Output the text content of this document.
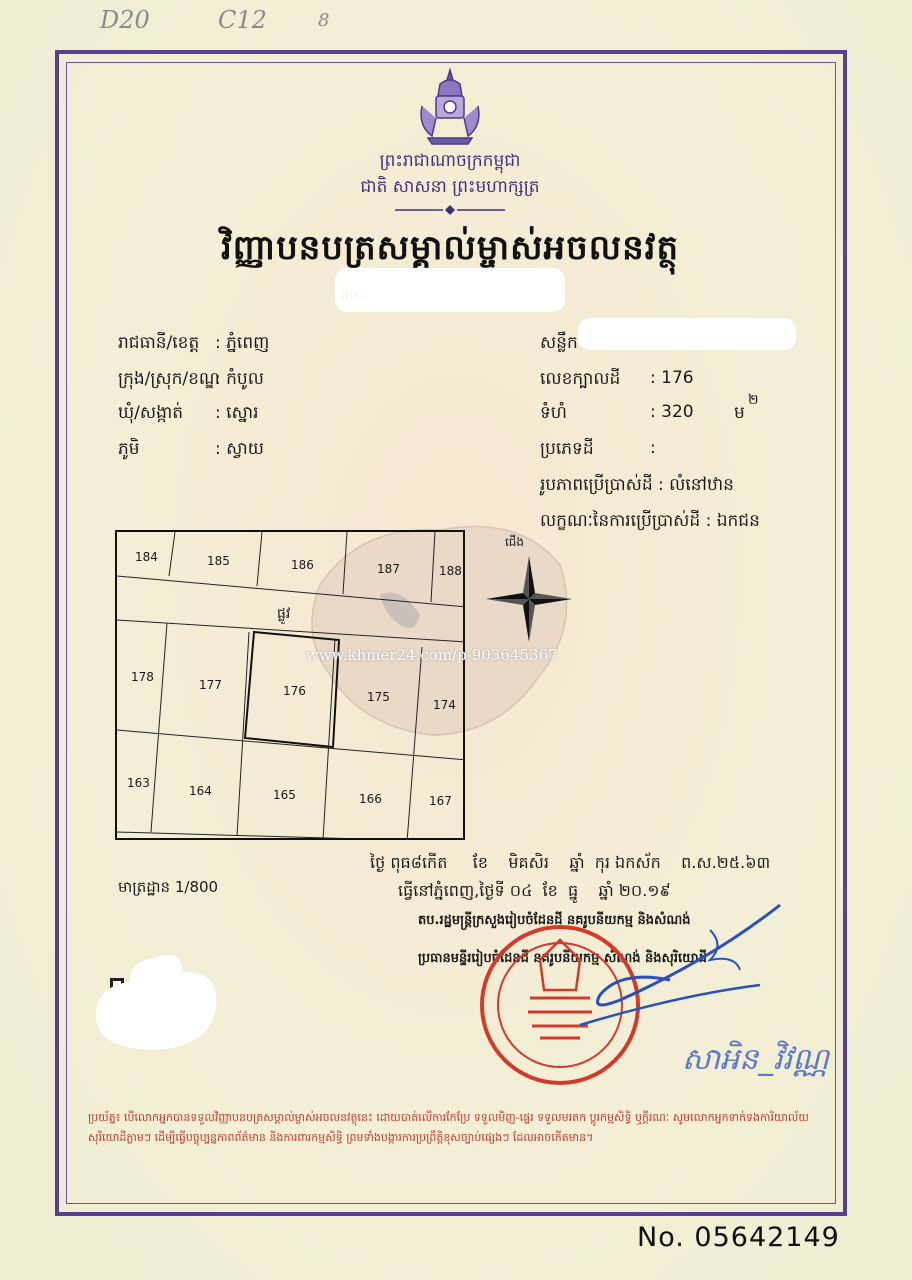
D20	C12	8
ព្រះរាជាណាចក្រកម្ពុជា
ជាតិ សាសនា ព្រះមហាក្សត្រ
វិញ្ញាបនបត្រសម្គាល់ម្ចាស់អចលនវត្ថុ
រាជធានី/ខេត្ត : ភ្នំពេញ
ក្រុង/ស្រុក/ខណ្ឌ
: កំបូល
ឃុំ/សង្កាត់ : ស្នោរ
ភូមិ	: ស្វាយ
សន្លឹក
លេខក្បាលដី : 176
ទំហំ	: 320 ម
២
ប្រភេទដី	:
រូបភាពប្រើប្រាស់ដី : លំនៅឋាន
លក្ខណៈនៃការប្រើប្រាស់ដី : ឯកជន
184	185	186	187	188
ផ្លូវ
178
177	176	175
174
163
164	165	166	167
ជើង
www.khmer24.com/p-903645367
មាត្រដ្ឋាន 1/800
ថ្ងៃ ពុធ៨កើត     ខែ    មិគសិរ    ឆ្នាំ  កុរ ឯកស័ក    ព.ស.២៥.៦៣
ធ្វើនៅភ្នំពេញ,ថ្ងៃទី ០៤  ខែ  ធ្នូ    ឆ្នាំ ២០.១៩
តប.រដ្ឋមន្ត្រីក្រសួងរៀបចំដែនដី នគរូបនីយកម្ម និងសំណង់
ប្រធានមន្ទីររៀបចំដែនដី នគរូបនីយកម្ម សំណង់ និងសុរិយោដី
សាអិន_វិវណ្ណ
ប្រយ័ត្ន៖ បើលោកអ្នកបានទទួលវិញ្ញាបនបត្រសម្គាល់ម្ចាស់អចលនវត្ថុនេះ ដោយបាត់លើការកែប្រែ ទទួលមិញ-ផ្ទេរ ទទួលមរតក ប្ដូរកម្មសិទ្ធិ ឬក្ដីរណៈ សូមលោកអ្នកទាក់ទងការិយាល័យសុរិយោដីភ្លាមៗ ដើម្បីធ្វើបច្ចុប្បន្នភាពព័ត៌មាន និងការពារកម្មសិទ្ធិ ព្រមទាំងបង្ការការប្រព្រឹត្តិខុសច្បាប់ផ្សេងៗ ដែលអាចកើតមាន។
No. 05642149
